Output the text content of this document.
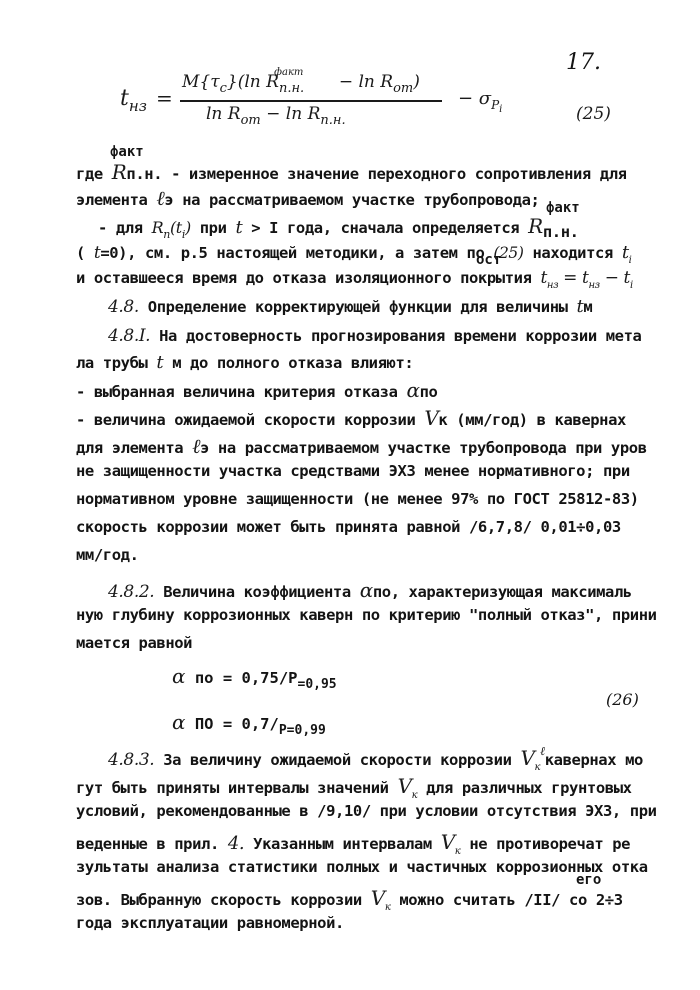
17.
$t_{нз}$ =
$M\{\tau_c\}(\ln$ $R_{п.н.}^{факт} - \ln R_{от}$)
$\ln R_{от} - \ln R_{п.н.}$
− $\sigma_{Pi}$	(25)
факт
где Rп.н. - измеренное значение переходного сопротивления для
элемента ℓэ на рассматриваемом участке трубопровода; факт
- для $R_п(t_i)$ при t > I года, сначала определяется Rп.н.
( t=0), см. р.5 настоящей методики, а затем по (25) находится $t_i$
ост
и оставшееся время до отказа изоляционного покрытия $t_{нз} = t_{нз} - t_i$
4.8. Определение корректирующей функции для величины tм
4.8.I. На достоверность прогнозирования времени коррозии мета
ла трубы t м до полного отказа влияют:
- выбранная величина критерия отказа αпо
- величина ожидаемой скорости коррозии Vк (мм/год) в кавернах
для элемента ℓэ на рассматриваемом участке трубопровода при уров
не защищенности участка средствами ЭХЗ менее нормативного; при
нормативном уровне защищенности (не менее 97% по ГОСТ 25812-83)
скорость коррозии может быть принята равной /6,7,8/ 0,01÷0,03
мм/год.
4.8.2. Величина коэффициента αпо, характеризующая максималь
ную глубину коррозионных каверн по критерию "полный отказ", прини
мается равной
α по = $0,75/P_{=0,95}$
(26)
α ПО = $0,7/_{P=0,99}$
4.8.3. За величину ожидаемой скорости коррозии $V_к^\ell кавернах$ мо
гут быть приняты интервалы значений $V_к$ для различных грунтовых
условий, рекомендованные в /9,10/ при условии отсутствия ЭХЗ, при
веденные в прил. 4. Указанным интервалам $V_к$ не противоречат ре
зультаты анализа статистики полных и частичных коррозионных отка
его
зов. Выбранную скорость коррозии $V_к$ можно считать /II/ со 2÷3
года эксплуатации равномерной.
